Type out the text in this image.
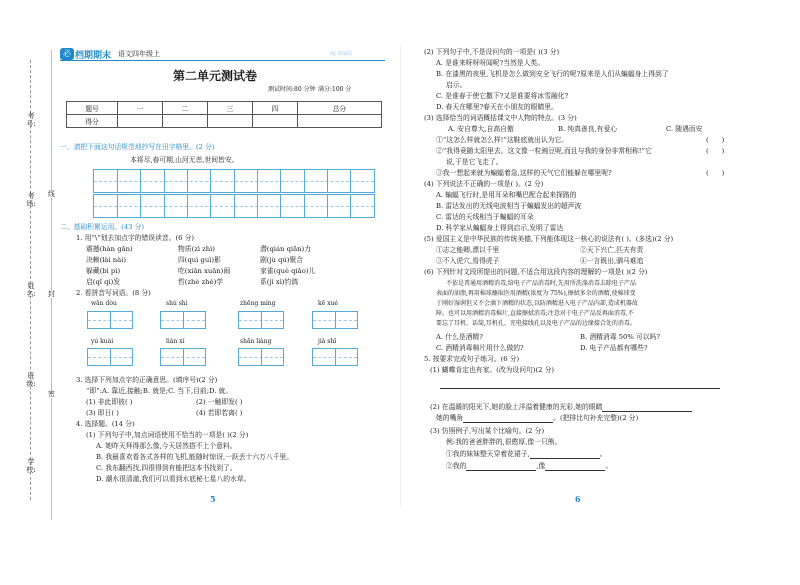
考号:
考场:
姓名:
班级:
学校:
线
封
密
必 档期期末 语文四年级上	RJ 部编版
第二单元测试卷
测试时间:80 分钟 满分:100 分
题号	一	二	三	四	总分
得分					
一、请把下面这句话规范地抄写在田字格里。(2 分)
本将尽,春可期,山河无恙,世间皆安。
二、基础积累运用。(43 分)
1. 用“\”划去加点字的错误读音。(6 分)
震撼(hàn gǎn)	物质(zì zhì)	潜(qián qiǎn)力
决赖(lài nài)	四(quì guì)影	剧(jù qú)聚合
躲藏(bì pì)	吃(xiān xuān)闹	家雀(què qiǎo)儿
启(qǐ qì)发	哲(zhè zhé)学	系(jì xì)钓鸽
2. 看拼音写词语。(8 分)
wān dòu	shù shì	zhēng míng	kē xué
yú kuài	liàn xí	shǎn liàng	jià shǐ
3. 选择下列加点字的正确意思。(填序号)(2 分)
“即”:A. 靠近,接触;B. 就是;C. 当下,目前;D. 就。
(1) 非此即彼( )	(2) 一触即发( )
(3) 即日( )	(4) 若即若离( )
4. 选择题。(14 分)
(1) 下列句子中,加点词语使用不恰当的一项是( )(2 分)
A. 她昨天拜得那么像,今天居然搭不上个意料。
B. 我最喜欢看各式各样的飞机,能随时惊讶,一跃丢十六万八千里。
C. 我东翻西找,四很得到有能把这本书找到了。
D. 潮水很清澈,我们可以看到水底秘七星八的水草。
5
(2) 下列句子中,不是设问句的一项是( )(3 分)
A. 是谁来呀呀呀闻呢?当然是人类。
B. 在漆黑的夜里,飞机是怎么做到安全飞行的呢?原来是人们从蝙蝠身上得到了
启示。
C. 是谁春于使它撒下?又是谁要将冰雪融化?
D. 春天在哪里?春天在小朋友的眼睛里。
(3) 选择恰当的词语概括课文中人物的特点。(3 分)
A. 安自尊大,自高自傲	B. 纯真善良,有爱心	C. 随遇而安
①“这怎么样就怎么样!”这鞋底就出认为它。
②“我得竟随太阳里去。这文像一粒豌豆呢,而且与我的身份非常相称!”它
说,于是它飞走了。
③我一想起来就为蝙蝠着急,这样的天气它们能躲在哪里呢?
(      )
(      )
(      )
(4) 下列说法不正确的一项是( )。(2 分)
A. 蝙蝠飞行时,是用耳朵和嘴巴配合起来探路的
B. 雷达发出的无线电波相当于蝙蝠发出的超声波
C. 雷达的天线相当于蝙蝠的耳朵
D. 科学家从蝙蝠身上得到启示,发明了雷达
(5) 爱国主义是中华民族的传统美德,下列能体现这一核心的说法有( )。(多选)(2 分)
①志之能卿,漂以千里	②天下兴亡,匹夫有责
③不入虎穴,焉得虎子	④一言既出,驷马难追
(6) 下列针对文段所提出的问题,不适合用这段内容的理解的一项是( )(2 分)
不依是普通用酒精消毒,给电子产品消毒时,先用所洗涤消毒去除电子产品
表面的油脂,再用棉球蘸取医用酒精(浓度为 75%),擦拭多余的酒精,使棉球变
于刚好湿润但又不会滴下酒精的状态,以防酒精进入电子产品内部,造成机器故
障。也可以用酒精消毒棉片,直接擦拭消毒;注意对于电子产品反再面消毒,不
要忘了耳机、话筒,耳机孔、充电接线孔以及电子产品的边缘接合处的消毒。
A. 什么是酒精?	B. 酒精消毒 50% 可以吗?
C. 酒精消毒棉片用什么做的?	D. 电子产品都有哪些?
5. 按要求完成句子练习。(6 分)
(1) 蝴蝶肯定也有家。(改为设问句)(2 分)
(2) 在温暖的阳光下,她的脸上洋溢着健康的光彩,她的眼睛
她的嘴角	。(把排比句补充完整)(2 分)
(3) 仿照例子,写出某个比喻句。(2 分)
例:我的爸爸胖胖的,很憨厚,像一只熊。
①我的妹妹整天穿着花裙子,	。
②我的	,像	。
6
